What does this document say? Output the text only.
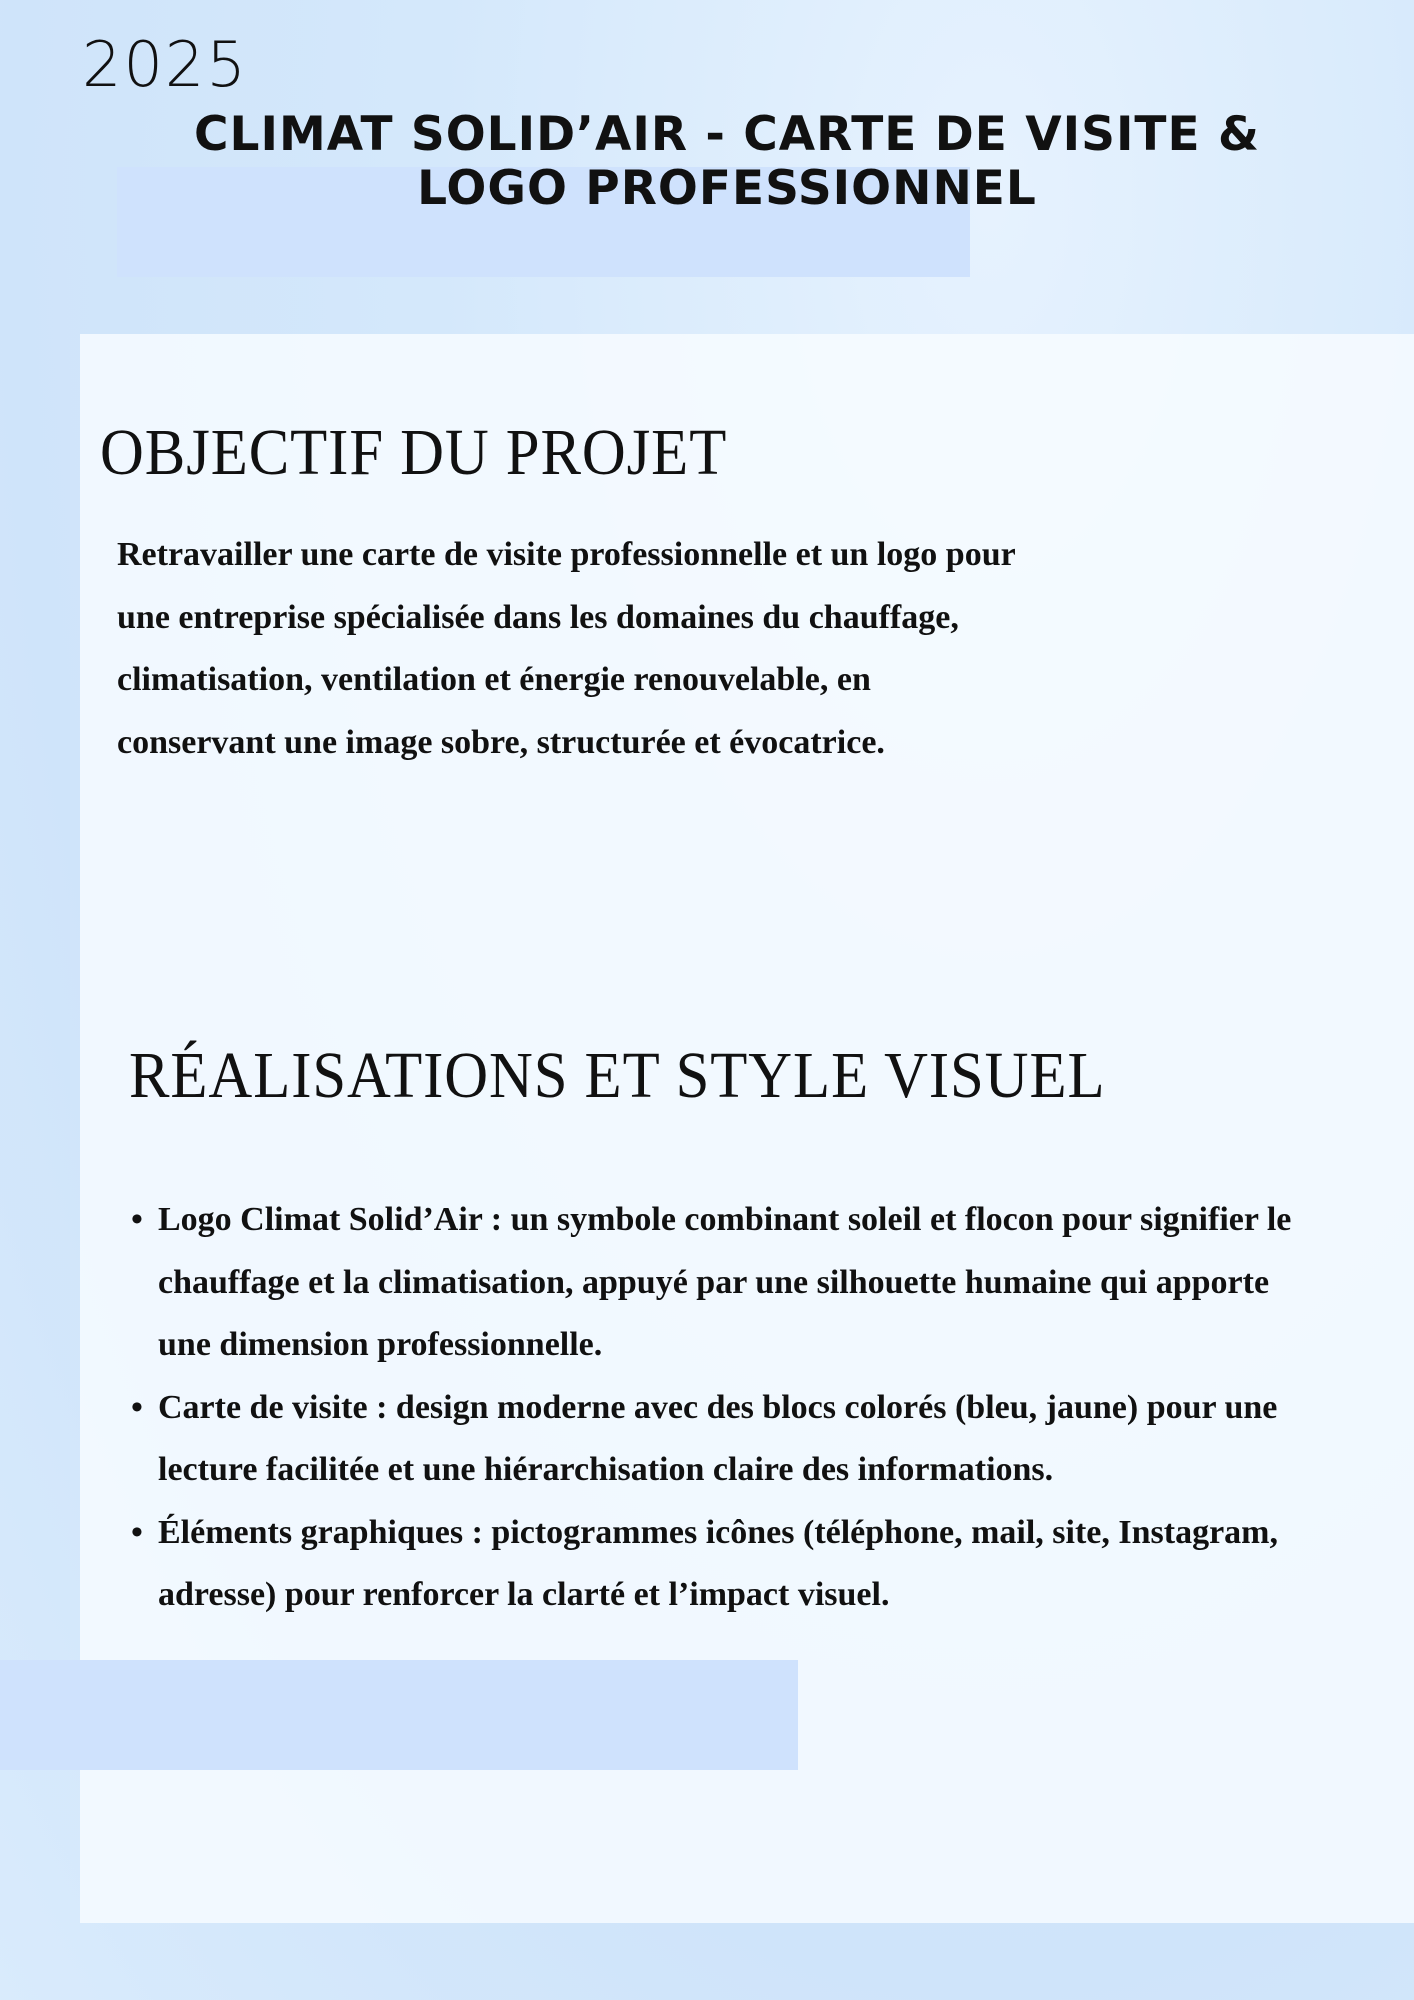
2025
CLIMAT SOLID’AIR - CARTE DE VISITE & LOGO PROFESSIONNEL
OBJECTIF DU PROJET
Retravailler une carte de visite professionnelle et un logo pour une entreprise spécialisée dans les domaines du chauffage, climatisation, ventilation et énergie renouvelable, en conservant une image sobre, structurée et évocatrice.
RÉALISATIONS ET STYLE VISUEL
• Logo Climat Solid’Air : un symbole combinant soleil et flocon pour signifier le chauffage et la climatisation, appuyé par une silhouette humaine qui apporte une dimension professionnelle.
• Carte de visite : design moderne avec des blocs colorés (bleu, jaune) pour une lecture facilitée et une hiérarchisation claire des informations.
• Éléments graphiques : pictogrammes icônes (téléphone, mail, site, Instagram, adresse) pour renforcer la clarté et l’impact visuel.
